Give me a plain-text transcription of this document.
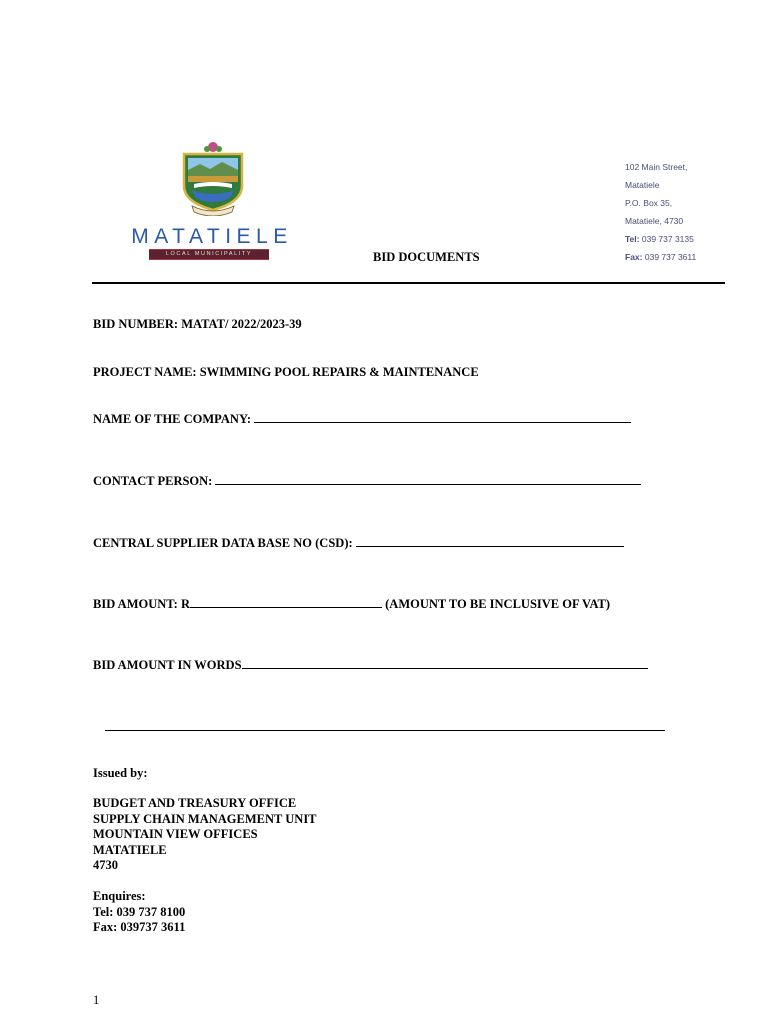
MATATIELE
LOCAL MUNICIPALITY
102 Main Street,
Matatiele
P.O. Box 35,
Matatiele, 4730
Tel: 039 737 3135
Fax: 039 737 3611
BID DOCUMENTS
BID NUMBER: MATAT/ 2022/2023-39
PROJECT NAME: SWIMMING POOL REPAIRS & MAINTENANCE
NAME OF THE COMPANY:
CONTACT PERSON:
CENTRAL SUPPLIER DATA BASE NO (CSD):
BID AMOUNT: R	(AMOUNT TO BE INCLUSIVE OF VAT)
BID AMOUNT IN WORDS
Issued by:
BUDGET AND TREASURY OFFICE
SUPPLY CHAIN MANAGEMENT UNIT
MOUNTAIN VIEW OFFICES
MATATIELE
4730
Enquires:
Tel: 039 737 8100
Fax: 039737 3611
1
